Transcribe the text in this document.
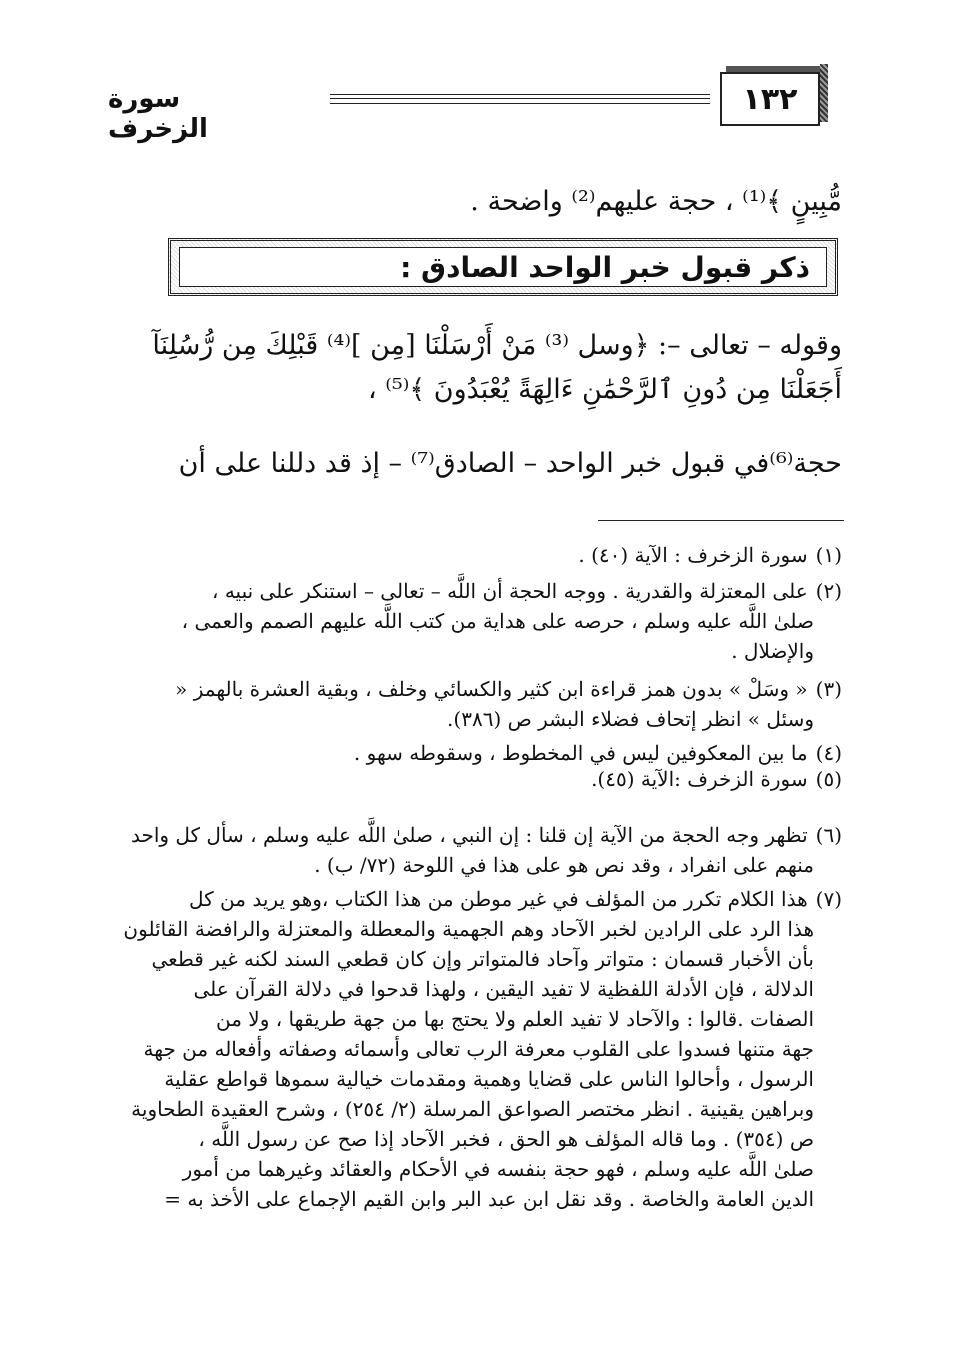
١٣٢
سورة الزخرف
مُّبِينٍ ﴾⁽¹⁾ ، حجة عليهم⁽²⁾ واضحة .
ذكر قبول خبر الواحد الصادق :
وقوله – تعالى –: ﴿وسل ⁽³⁾ مَنْ أَرْسَلْنَا [مِن ]⁽⁴⁾ قَبْلِكَ مِن رُّسُلِنَآ
أَجَعَلْنَا مِن دُونِ ٱلرَّحْمَٰنِ ءَالِهَةً يُعْبَدُونَ ﴾⁽⁵⁾ ،
حجة⁽⁶⁾في قبول خبر الواحد – الصادق⁽⁷⁾ – إذ قد دللنا على أن
(١) سورة الزخرف : الآية (٤٠) .
(٢) على المعتزلة والقدرية . ووجه الحجة أن اللَّه – تعالى – استنكر على نبيه ،
صلىٰ اللَّه عليه وسلم ، حرصه على هداية من كتب اللَّه عليهم الصمم والعمى ،
والإضلال .
(٣) « وسَلْ » بدون همز قراءة ابن كثير والكسائي وخلف ، وبقية العشرة بالهمز «
وسئل » انظر إتحاف فضلاء البشر ص (٣٨٦).
(٤) ما بين المعكوفين ليس في المخطوط ، وسقوطه سهو .
(٥) سورة الزخرف :الآية (٤٥).
(٦) تظهر وجه الحجة من الآية إن قلنا : إن النبي ، صلىٰ اللَّه عليه وسلم ، سأل كل واحد
منهم على انفراد ، وقد نص هو على هذا في اللوحة (٧٢/ ب) .
(٧) هذا الكلام تكرر من المؤلف في غير موطن من هذا الكتاب ،وهو يريد من كل
هذا الرد على الرادين لخبر الآحاد وهم الجهمية والمعطلة والمعتزلة والرافضة القائلون
بأن الأخبار قسمان : متواتر وآحاد فالمتواتر وإن كان قطعي السند لكنه غير قطعي
الدلالة ، فإن الأدلة اللفظية لا تفيد اليقين ، ولهذا قدحوا في دلالة القرآن على
الصفات .قالوا : والآحاد لا تفيد العلم ولا يحتج بها من جهة طريقها ، ولا من
جهة متنها فسدوا على القلوب معرفة الرب تعالى وأسمائه وصفاته وأفعاله من جهة
الرسول ، وأحالوا الناس على قضايا وهمية ومقدمات خيالية سموها قواطع عقلية
وبراهين يقينية . انظر مختصر الصواعق المرسلة (٢/ ٢٥٤) ، وشرح العقيدة الطحاوية
ص (٣٥٤) . وما قاله المؤلف هو الحق ، فخبر الآحاد إذا صح عن رسول اللَّه ،
صلىٰ اللَّه عليه وسلم ، فهو حجة بنفسه في الأحكام والعقائد وغيرهما من أمور
الدين العامة والخاصة . وقد نقل ابن عبد البر وابن القيم الإجماع على الأخذ به =
